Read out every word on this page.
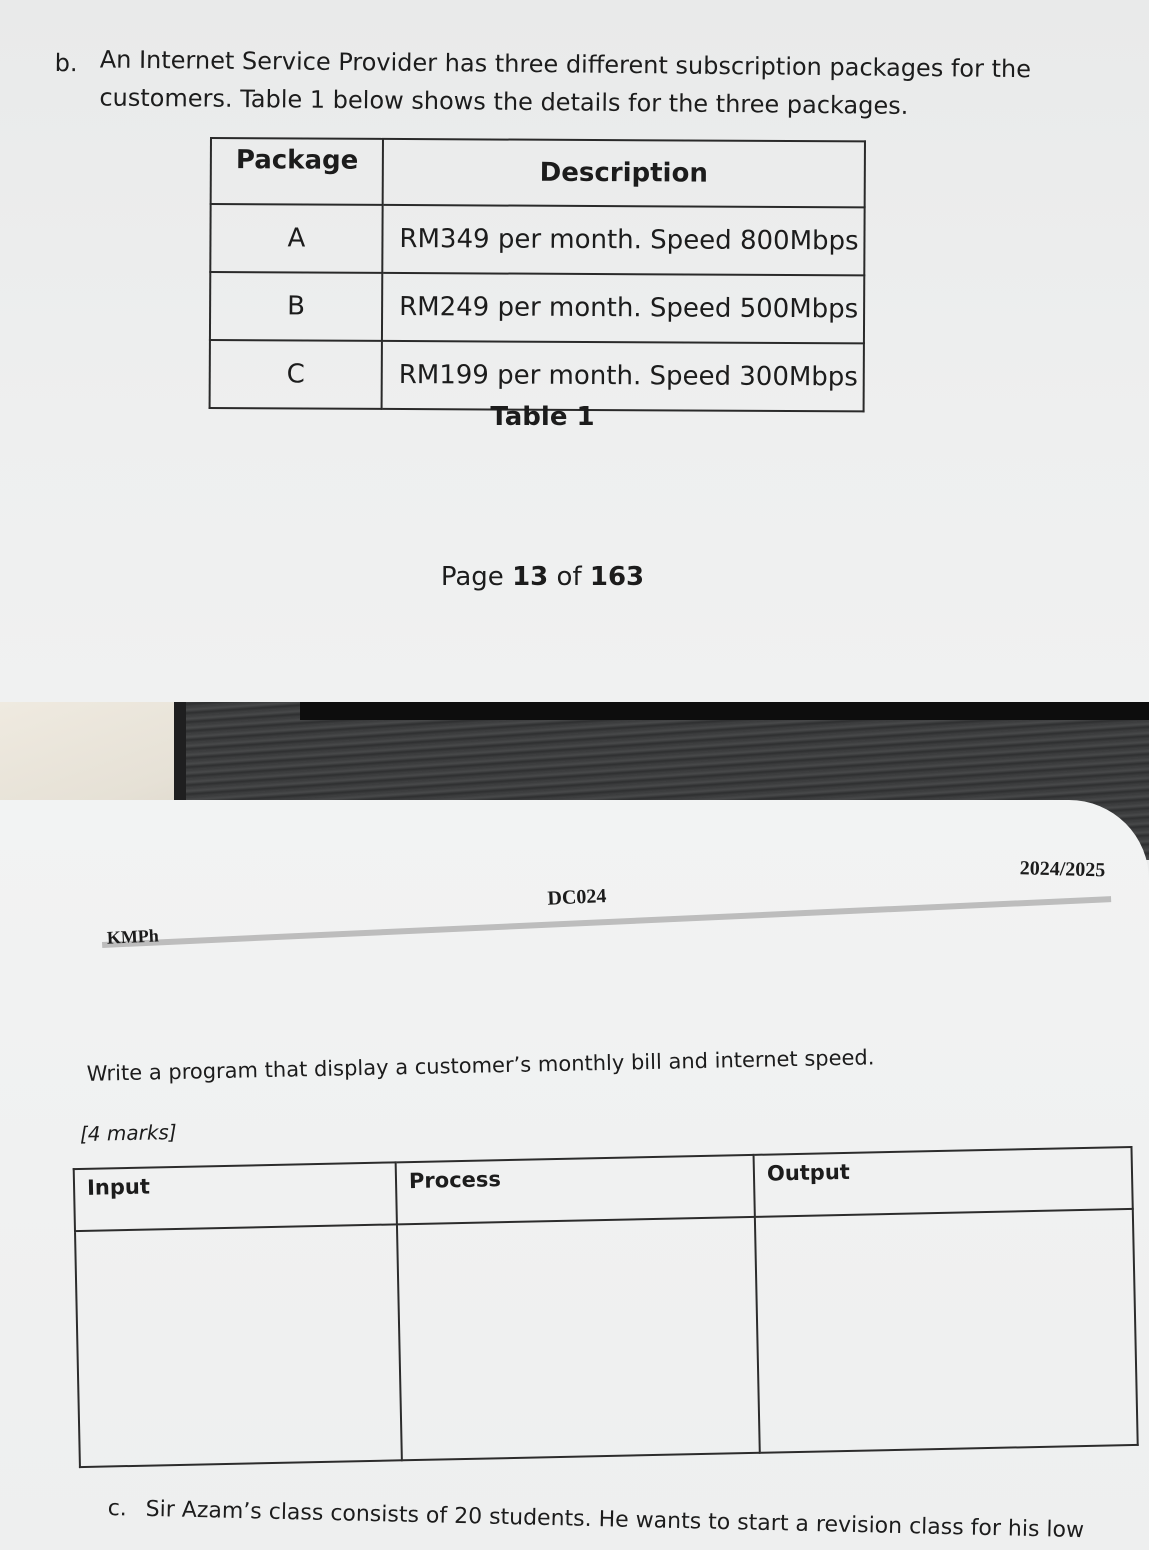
b. An Internet Service Provider has three different subscription packages for the customers. Table 1 below shows the details for the three packages.
Package	Description
A	RM349 per month. Speed 800Mbps
B	RM249 per month. Speed 500Mbps
C	RM199 per month. Speed 300Mbps
Table 1
Page 13 of 163
KMPh
DC024
2024/2025
Write a program that display a customer’s monthly bill and internet speed.
[4 marks]
Input	Process	Output

c. Sir Azam’s class consists of 20 students. He wants to start a revision class for his low
